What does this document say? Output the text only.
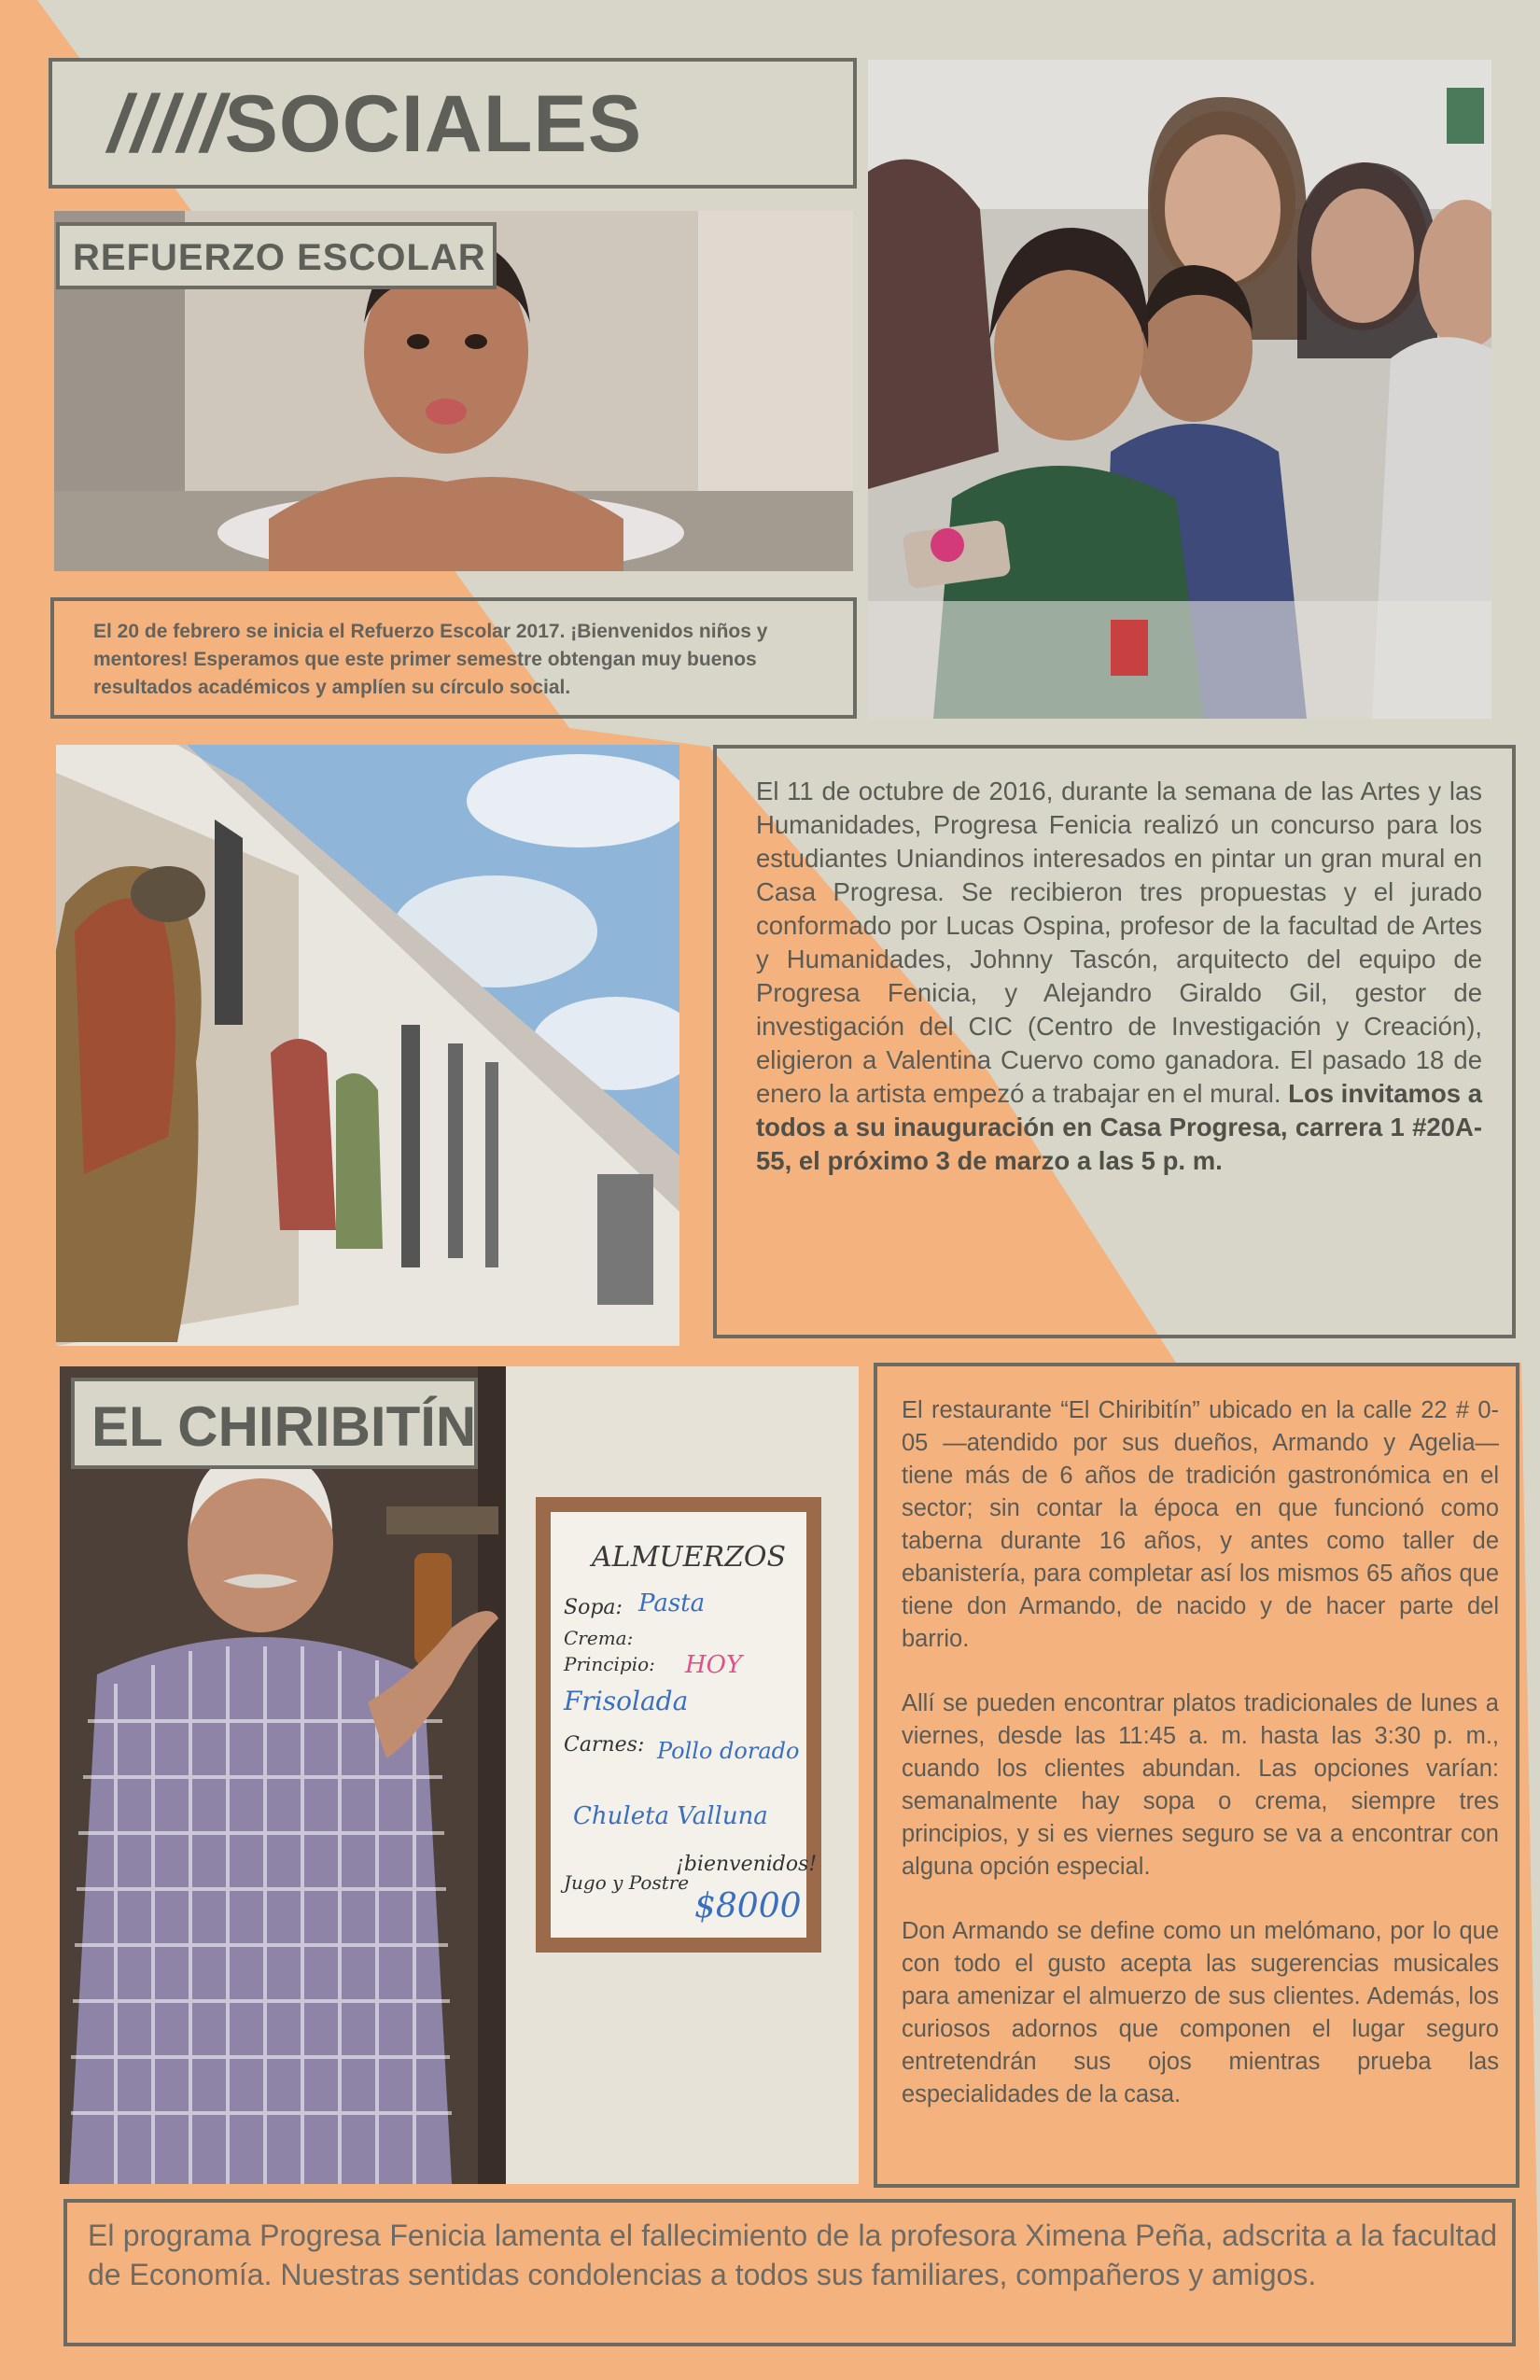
/////SOCIALES
REFUERZO ESCOLAR
El 20 de febrero se inicia el Refuerzo Escolar 2017. ¡Bienvenidos niños y mentores! Esperamos que este primer semestre obtengan muy buenos resultados académicos y amplíen su círculo social.
El 11 de octubre de 2016, durante la semana de las Artes y las Humanidades, Progresa Fenicia realizó un concurso para los estudiantes Uniandinos interesados en pintar un gran mural en Casa Progresa. Se recibieron tres propuestas y el jurado conformado por Lucas Ospina, profesor de la facultad de Artes y Humanidades, Johnny Tascón, arquitecto del equipo de Progresa Fenicia, y Alejandro Giraldo Gil, gestor de investigación del CIC (Centro de Investigación y Creación), eligieron a Valentina Cuervo como ganadora. El pasado 18 de enero la artista empezó a trabajar en el mural. Los invitamos a todos a su inauguración en Casa Progresa, carrera 1 #20A-55, el próximo 3 de marzo a las 5 p. m.
ALMUERZOS
Sopa: Pasta
Crema:
Principio: HOY
Frisolada
Carnes: Pollo dorado
Chuleta Valluna
Jugo y Postre
¡bienvenidos!
$8000
EL CHIRIBITÍN	El restaurante “El Chiribitín” ubicado en la calle 22 # 0-05 —atendido por sus dueños, Armando y Agelia— tiene más de 6 años de tradición gastronómica en el sector; sin contar la época en que funcionó como taberna durante 16 años, y antes como taller de ebanistería, para completar así los mismos 65 años que tiene don Armando, de nacido y de hacer parte del barrio.

Allí se pueden encontrar platos tradicionales de lunes a viernes, desde las 11:45 a. m. hasta las 3:30 p. m., cuando los clientes abundan. Las opciones varían: semanalmente hay sopa o crema, siempre tres principios, y si es viernes seguro se va a encontrar con alguna opción especial.

Don Armando se define como un melómano, por lo que con todo el gusto acepta las sugerencias musicales para amenizar el almuerzo de sus clientes. Además, los curiosos adornos que componen el lugar seguro entretendrán sus ojos mientras prueba las especialidades de la casa.

El programa Progresa Fenicia lamenta el fallecimiento de la profesora Ximena Peña, adscrita a la facultad de Economía. Nuestras sentidas condolencias a todos sus familiares, compañeros y amigos.
